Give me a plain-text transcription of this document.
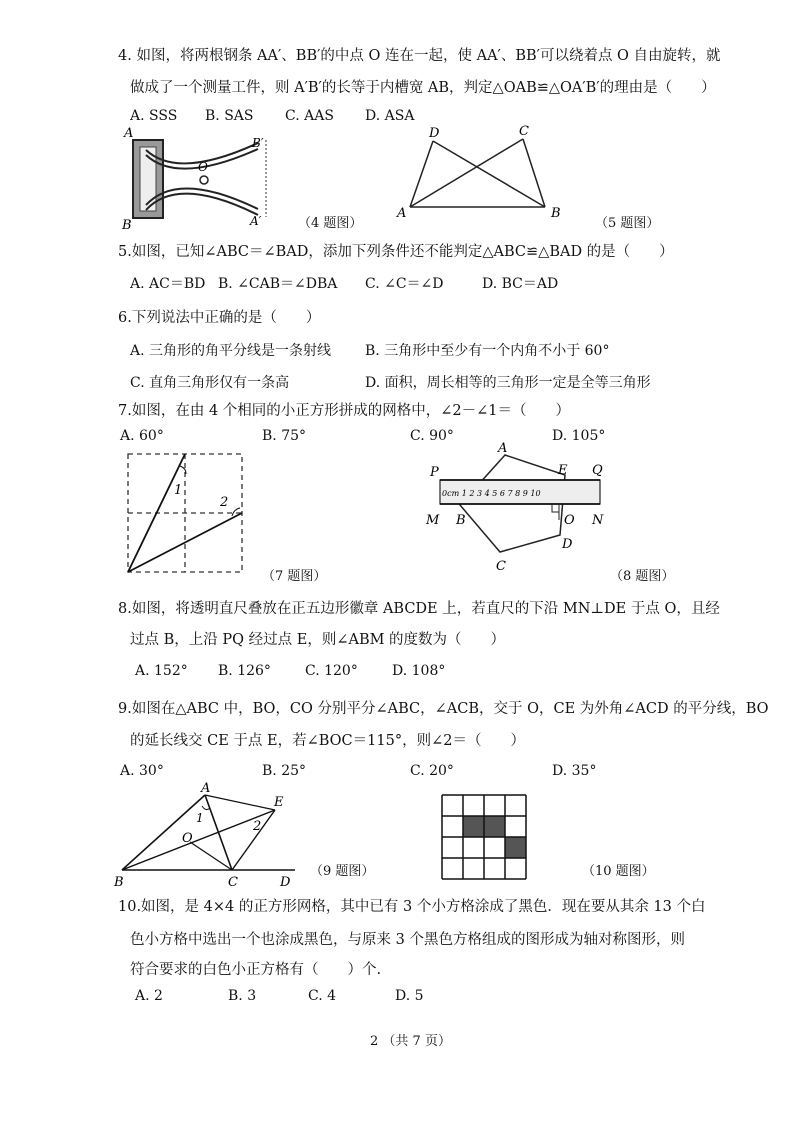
4. 如图，将两根钢条 AA′、BB′的中点 O 连在一起，使 AA′、BB′可以绕着点 O 自由旋转，就
做成了一个测量工件，则 A′B′的长等于内槽宽 AB，判定△OAB≌△OA′B′的理由是（　　）
A. SSS B. SAS C. AAS D. ASA
A
B
B′
A′
O
（4 题图）
D	C
A	B
（5 题图）
5.如图，已知∠ABC＝∠BAD，添加下列条件还不能判定△ABC≌△BAD 的是（　　）
A. AC＝BD B. ∠CAB＝∠DBA C. ∠C＝∠D	D. BC＝AD
6.下列说法中正确的是（　　）
A. 三角形的角平分线是一条射线 B. 三角形中至少有一个内角不小于 60°
C. 直角三角形仅有一条高	D. 面积，周长相等的三角形一定是全等三角形
7.如图，在由 4 个相同的小正方形拼成的网格中，∠2－∠1＝（　　）
A. 60°	B. 75°	C. 90°	D. 105°
1
2
（7 题图）
0cm 1 2 3 4 5 6 7 8 9 10
A
P	E Q
M B	O N
D
C
（8 题图）
8.如图，将透明直尺叠放在正五边形徽章 ABCDE 上，若直尺的下沿 MN⊥DE 于点 O，且经
过点 B，上沿 PQ 经过点 E，则∠ABM 的度数为（　　）
A. 152° B. 126° C. 120° D. 108°
9.如图在△ABC 中，BO，CO 分别平分∠ABC，∠ACB，交于 O，CE 为外角∠ACD 的平分线，BO
的延长线交 CE 于点 E，若∠BOC＝115°，则∠2＝（　　）
A. 30°	B. 25°	C. 20°	D. 35°
A
E
1
2
O
B	C	D
（9 题图）	（10 题图）
10.如图，是 4×4 的正方形网格，其中已有 3 个小方格涂成了黑色．现在要从其余 13 个白
色小方格中选出一个也涂成黑色，与原来 3 个黑色方格组成的图形成为轴对称图形，则
符合要求的白色小正方格有（　　）个.
A. 2	B. 3	C. 4	D. 5
2 （共 7 页）
